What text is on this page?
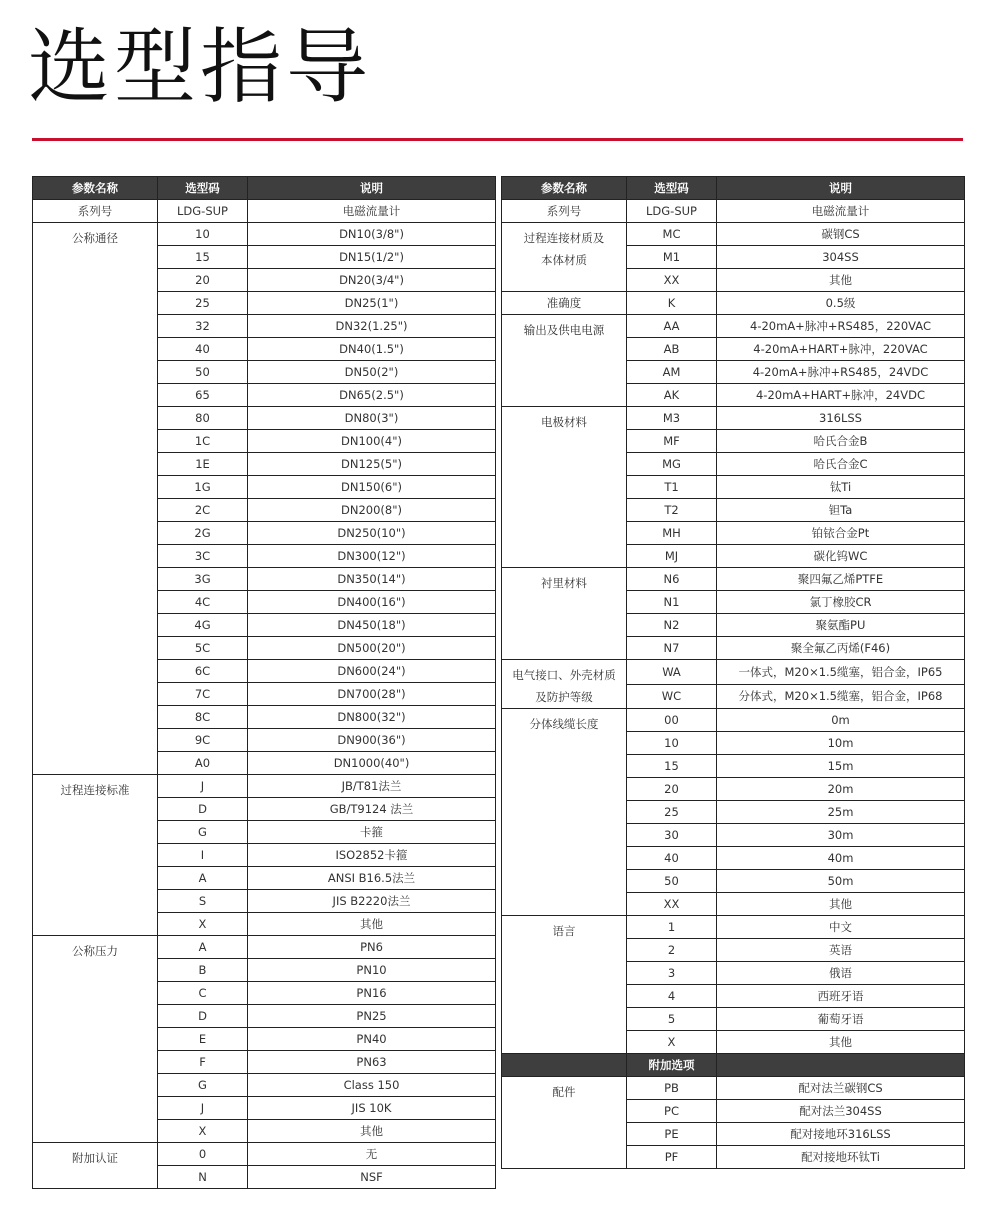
选型指导
参数名称	选型码	说明
系列号	LDG-SUP	电磁流量计
公称通径	10	DN10(3/8")
	15	DN15(1/2")
	20	DN20(3/4")
	25	DN25(1")
	32	DN32(1.25")
	40	DN40(1.5")
	50	DN50(2")
	65	DN65(2.5")
	80	DN80(3")
	1C	DN100(4")
	1E	DN125(5")
	1G	DN150(6")
	2C	DN200(8")
	2G	DN250(10")
	3C	DN300(12")
	3G	DN350(14")
	4C	DN400(16")
	4G	DN450(18")
	5C	DN500(20")
	6C	DN600(24")
	7C	DN700(28")
	8C	DN800(32")
	9C	DN900(36")
	A0	DN1000(40")
过程连接标准	J	JB/T81法兰
	D	GB/T9124 法兰
	G	卡箍
	I	ISO2852卡箍
	A	ANSI B16.5法兰
	S	JIS B2220法兰
	X	其他
公称压力	A	PN6
	B	PN10
	C	PN16
	D	PN25
	E	PN40
	F	PN63
	G	Class 150
	J	JIS 10K
	X	其他
附加认证	0	无
	N	NSF
参数名称	选型码	说明
系列号	LDG-SUP	电磁流量计
过程连接材质及
本体材质	MC	碳钢CS
	M1	304SS
	XX	其他
准确度	K	0.5级
输出及供电电源	AA	4-20mA+脉冲+RS485，220VAC
	AB	4-20mA+HART+脉冲，220VAC
	AM	4-20mA+脉冲+RS485，24VDC
	AK	4-20mA+HART+脉冲，24VDC
电极材料	M3	316LSS
	MF	哈氏合金B
	MG	哈氏合金C
	T1	钛Ti
	T2	钽Ta
	MH	铂铱合金Pt
	MJ	碳化钨WC
衬里材料	N6	聚四氟乙烯PTFE
	N1	氯丁橡胶CR
	N2	聚氨酯PU
	N7	聚全氟乙丙烯(F46)
电气接口、外壳材质
及防护等级	WA	一体式，M20×1.5缆塞，铝合金，IP65
	WC	分体式，M20×1.5缆塞，铝合金，IP68
分体线缆长度	00	0m
	10	10m
	15	15m
	20	20m
	25	25m
	30	30m
	40	40m
	50	50m
	XX	其他
语言	1	中文
	2	英语
	3	俄语
	4	西班牙语
	5	葡萄牙语
	X	其他
	附加选项	
配件	PB	配对法兰碳钢CS
	PC	配对法兰304SS
	PE	配对接地环316LSS
	PF	配对接地环钛Ti
